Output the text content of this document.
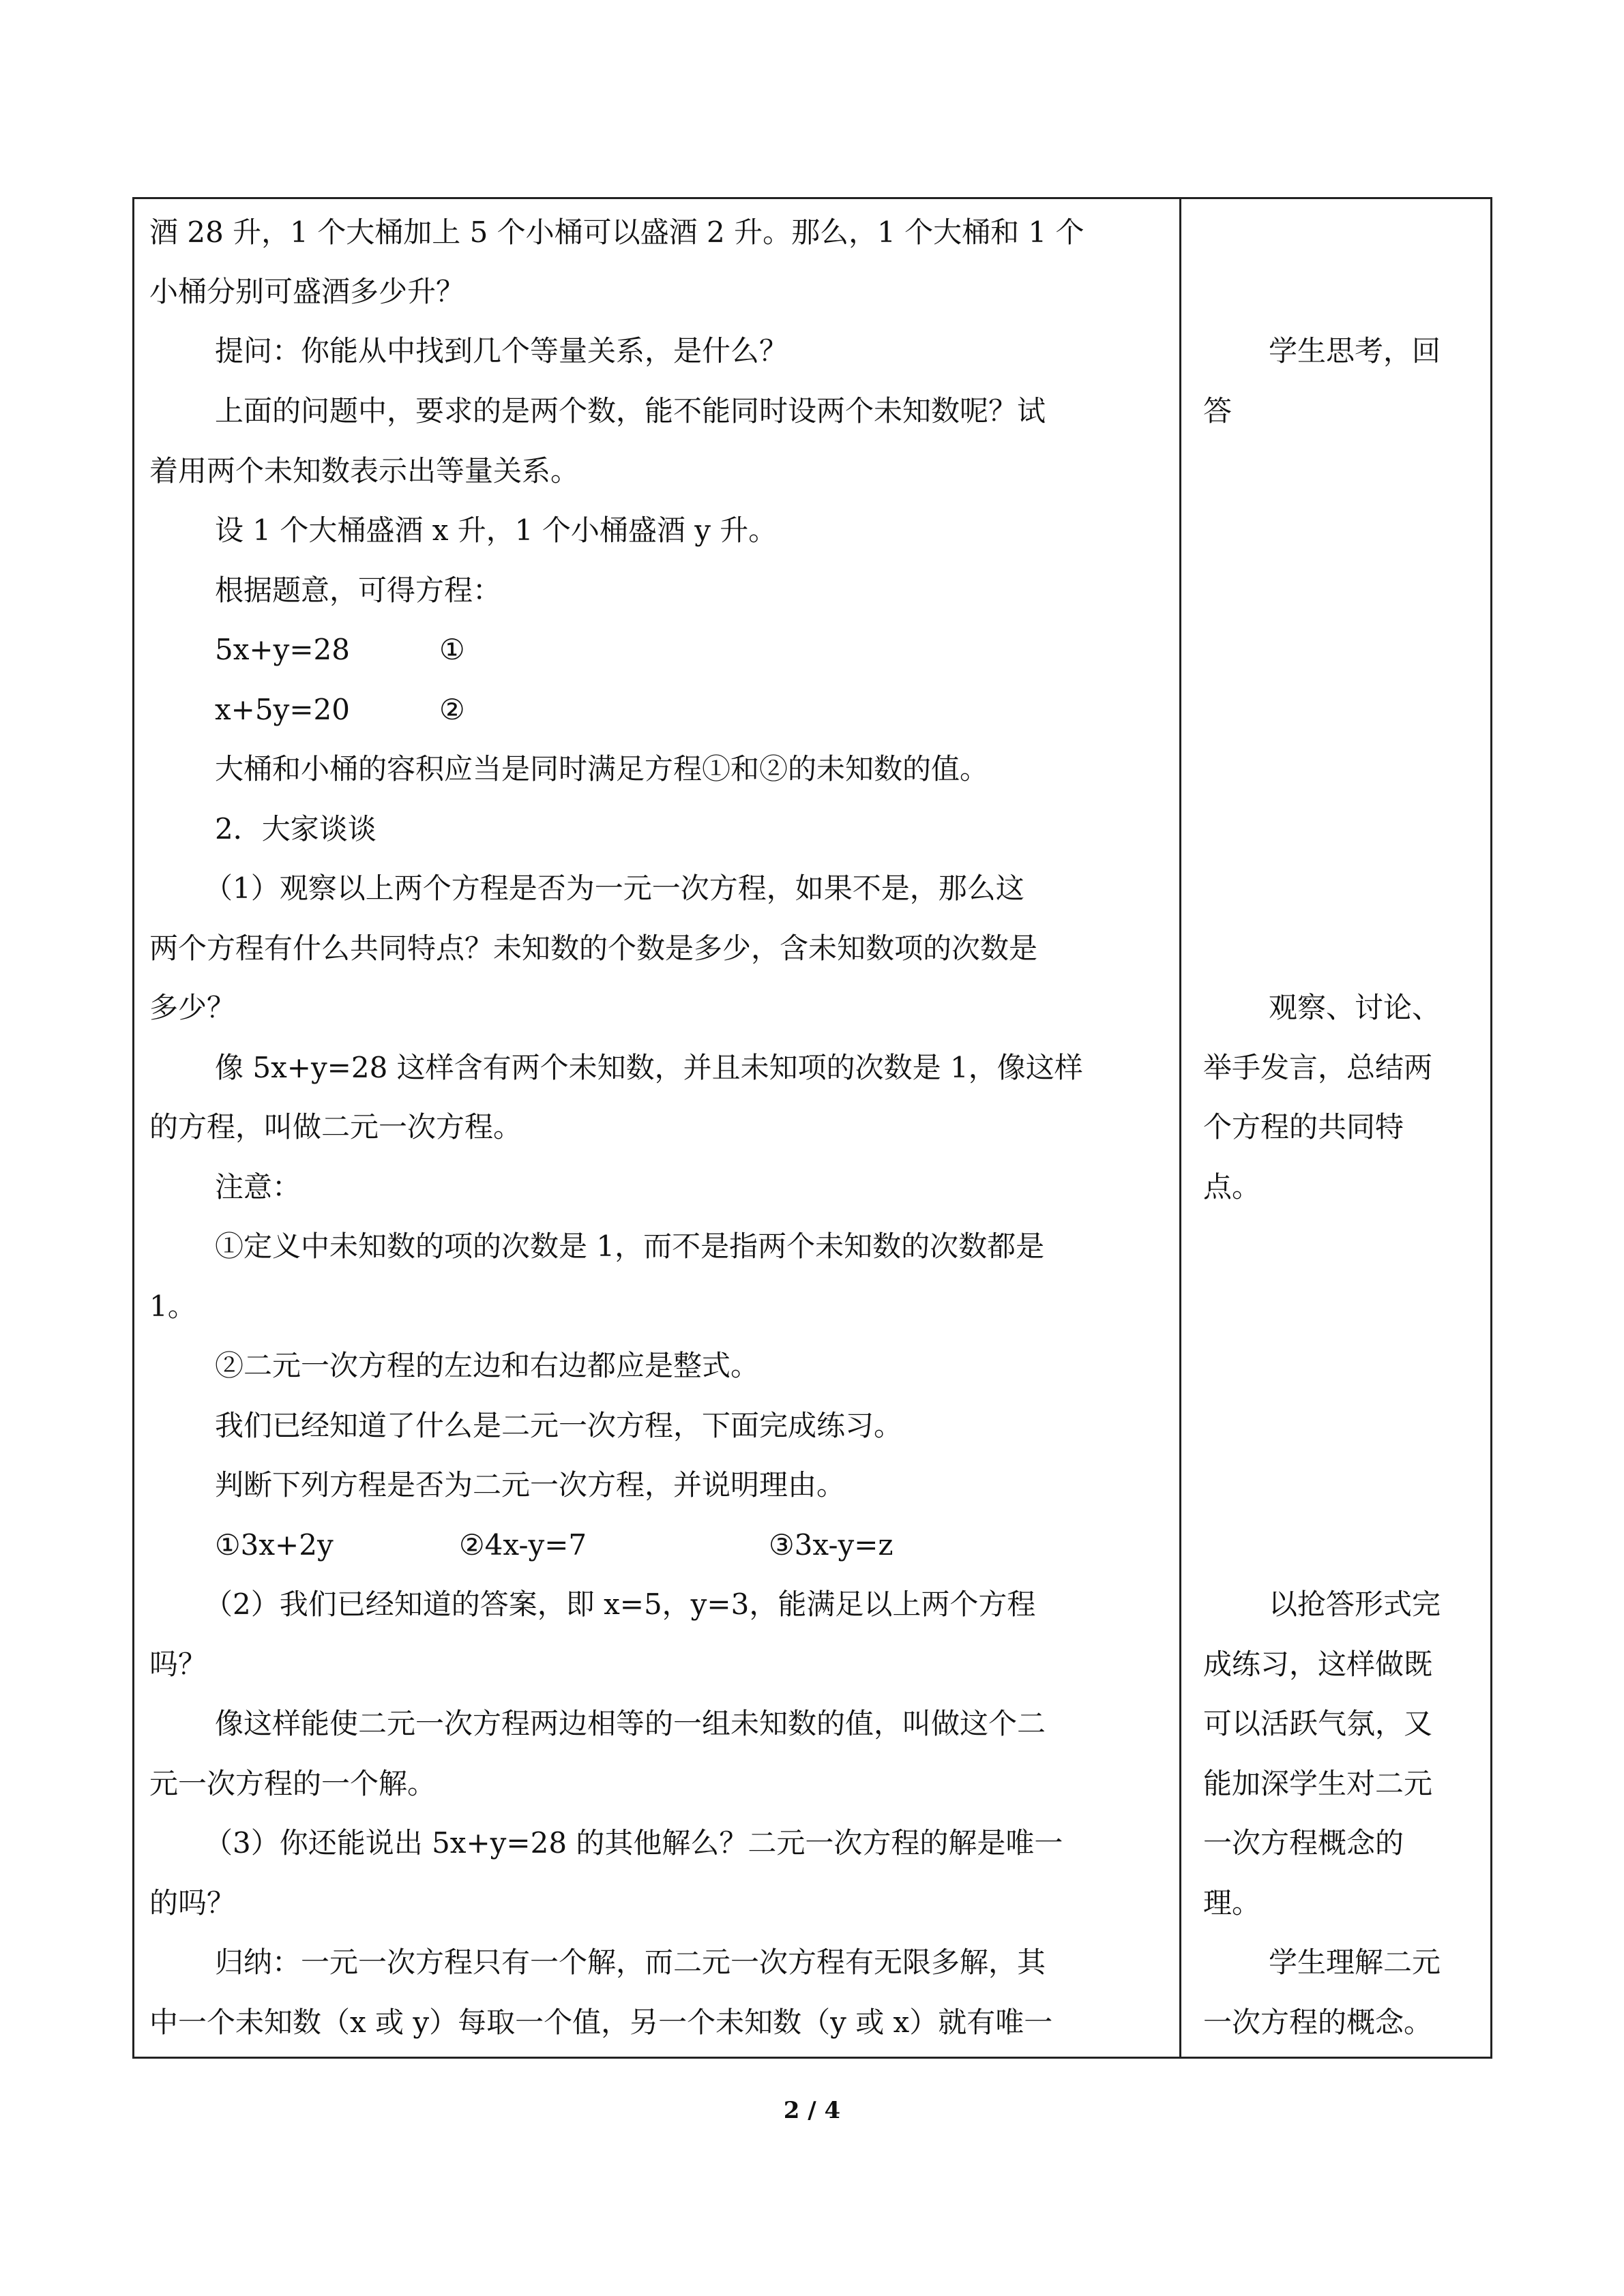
酒 28 升，1 个大桶加上 5 个小桶可以盛酒 2 升。那么，1 个大桶和 1 个
小桶分别可盛酒多少升？
提问：你能从中找到几个等量关系，是什么？
上面的问题中，要求的是两个数，能不能同时设两个未知数呢？试
着用两个未知数表示出等量关系。
设 1 个大桶盛酒 x 升，1 个小桶盛酒 y 升。
根据题意，可得方程：
5x+y=28	①
x+5y=20	②
大桶和小桶的容积应当是同时满足方程①和②的未知数的值。
2．大家谈谈
（1）观察以上两个方程是否为一元一次方程，如果不是，那么这
两个方程有什么共同特点？未知数的个数是多少，含未知数项的次数是
多少？
像 5x+y=28 这样含有两个未知数，并且未知项的次数是 1，像这样
的方程，叫做二元一次方程。
注意：
①定义中未知数的项的次数是 1，而不是指两个未知数的次数都是
1。
②二元一次方程的左边和右边都应是整式。
我们已经知道了什么是二元一次方程，下面完成练习。
判断下列方程是否为二元一次方程，并说明理由。
①3x+2y	②4x-y=7	③3x-y=z
（2）我们已经知道的答案，即 x=5，y=3，能满足以上两个方程
吗？
像这样能使二元一次方程两边相等的一组未知数的值，叫做这个二
元一次方程的一个解。
（3）你还能说出 5x+y=28 的其他解么？二元一次方程的解是唯一
的吗？
归纳：一元一次方程只有一个解，而二元一次方程有无限多解，其
中一个未知数（x 或 y）每取一个值，另一个未知数（y 或 x）就有唯一
学生思考，回
答
观察、讨论、
举手发言，总结两
个方程的共同特
点。
以抢答形式完
成练习，这样做既
可以活跃气氛，又
能加深学生对二元
一次方程概念的
理。
学生理解二元
一次方程的概念。
2 / 4
